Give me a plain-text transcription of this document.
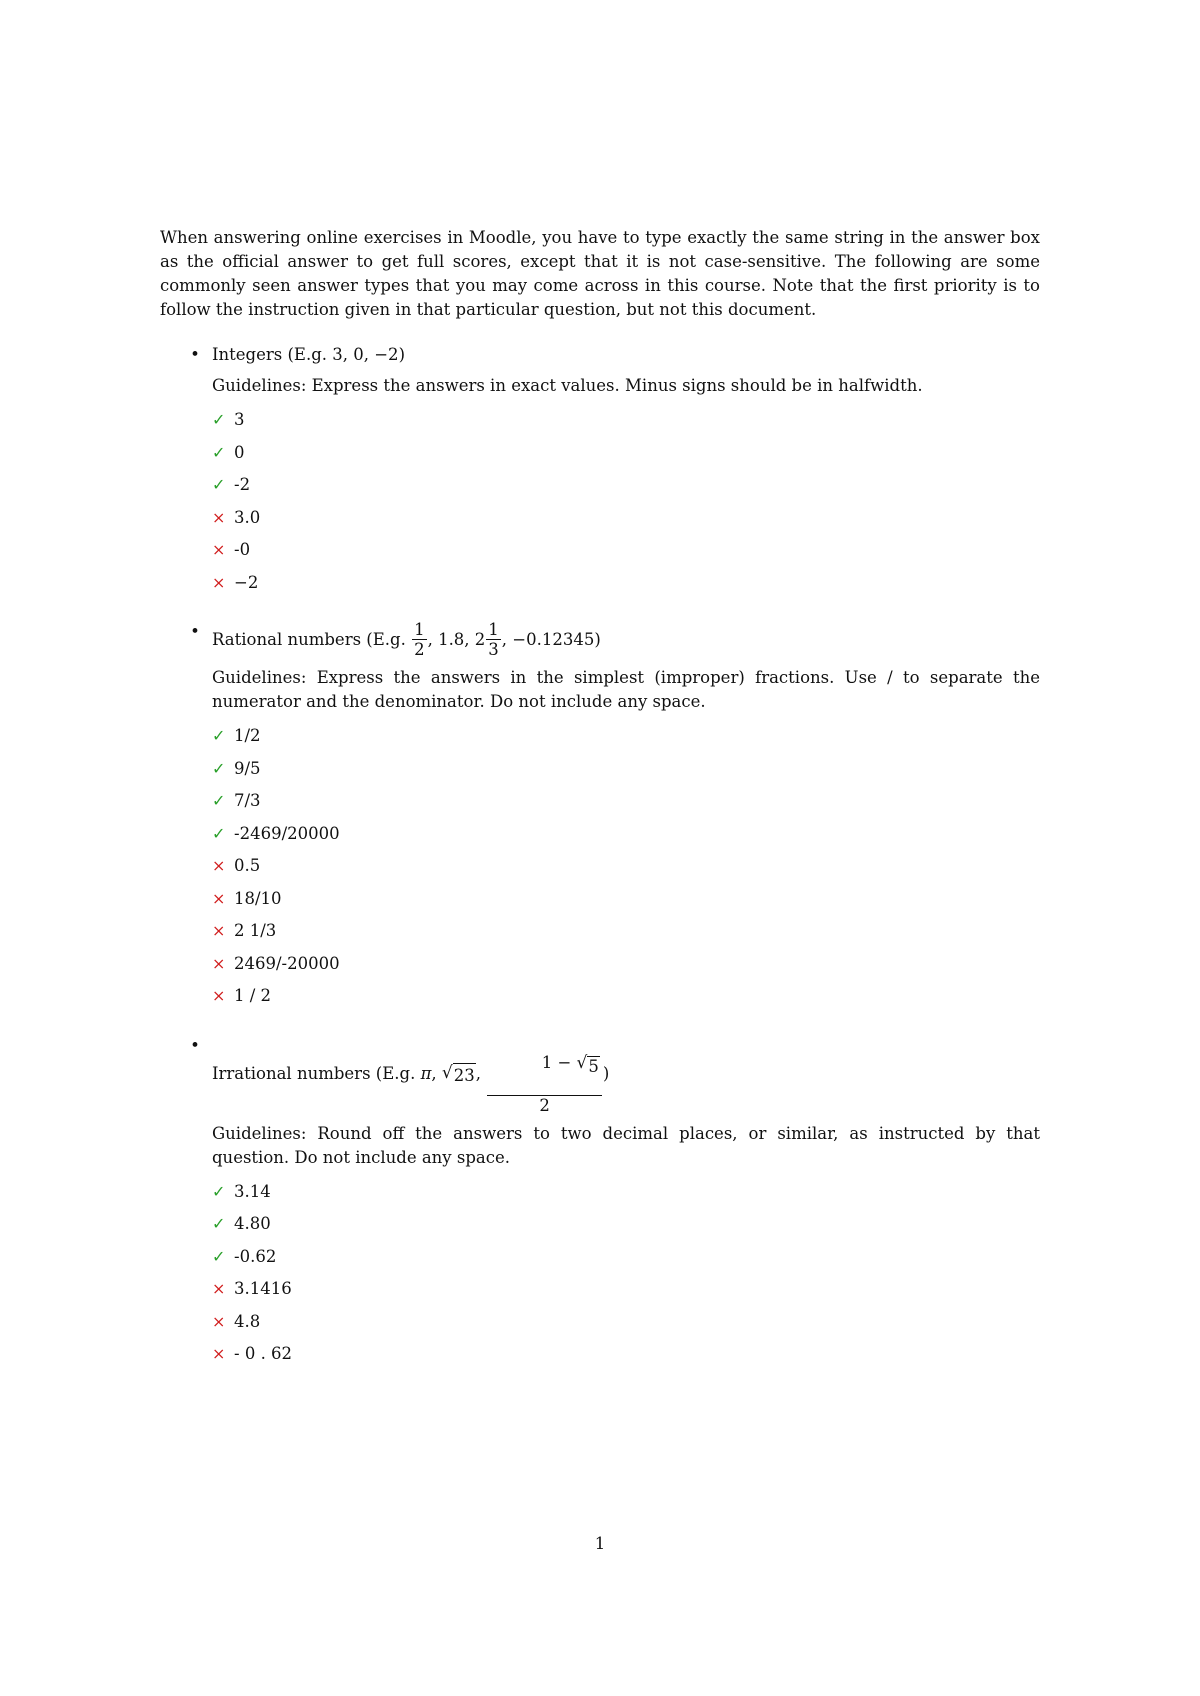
When answering online exercises in Moodle, you have to type exactly the same string in the answer box as the official answer to get full scores, except that it is not case-sensitive. The following are some commonly seen answer types that you may come across in this course. Note that the first priority is to follow the instruction given in that particular question, but not this document.

• Integers (E.g. 3, 0, −2 )

Guidelines: Express the answers in exact values. Minus signs should be in halfwidth.

✓ 3
✓ 0
✓ -2
× 3.0
× -0
× −2
• Rational numbers (E.g. $\frac{1}{2}$ , 1.8, $2 \frac{1}{3}$ , −0.12345 )

Guidelines: Express the answers in the simplest (improper) fractions. Use / to separate the numerator and the denominator. Do not include any space.

✓ 1/2
✓ 9/5
✓ 7/3
✓ -2469/20000
× 0.5
× 18/10
× 2 1/3
× 2469/-20000
× 1 / 2
•
Irrational numbers (E.g. π , √ 23 , $\frac{1 - √ 5}{2}$ )

Guidelines: Round off the answers to two decimal places, or similar, as instructed by that question. Do not include any space.

✓ 3.14
✓ 4.80
✓ -0.62
× 3.1416
× 4.8
× - 0 . 62
1
